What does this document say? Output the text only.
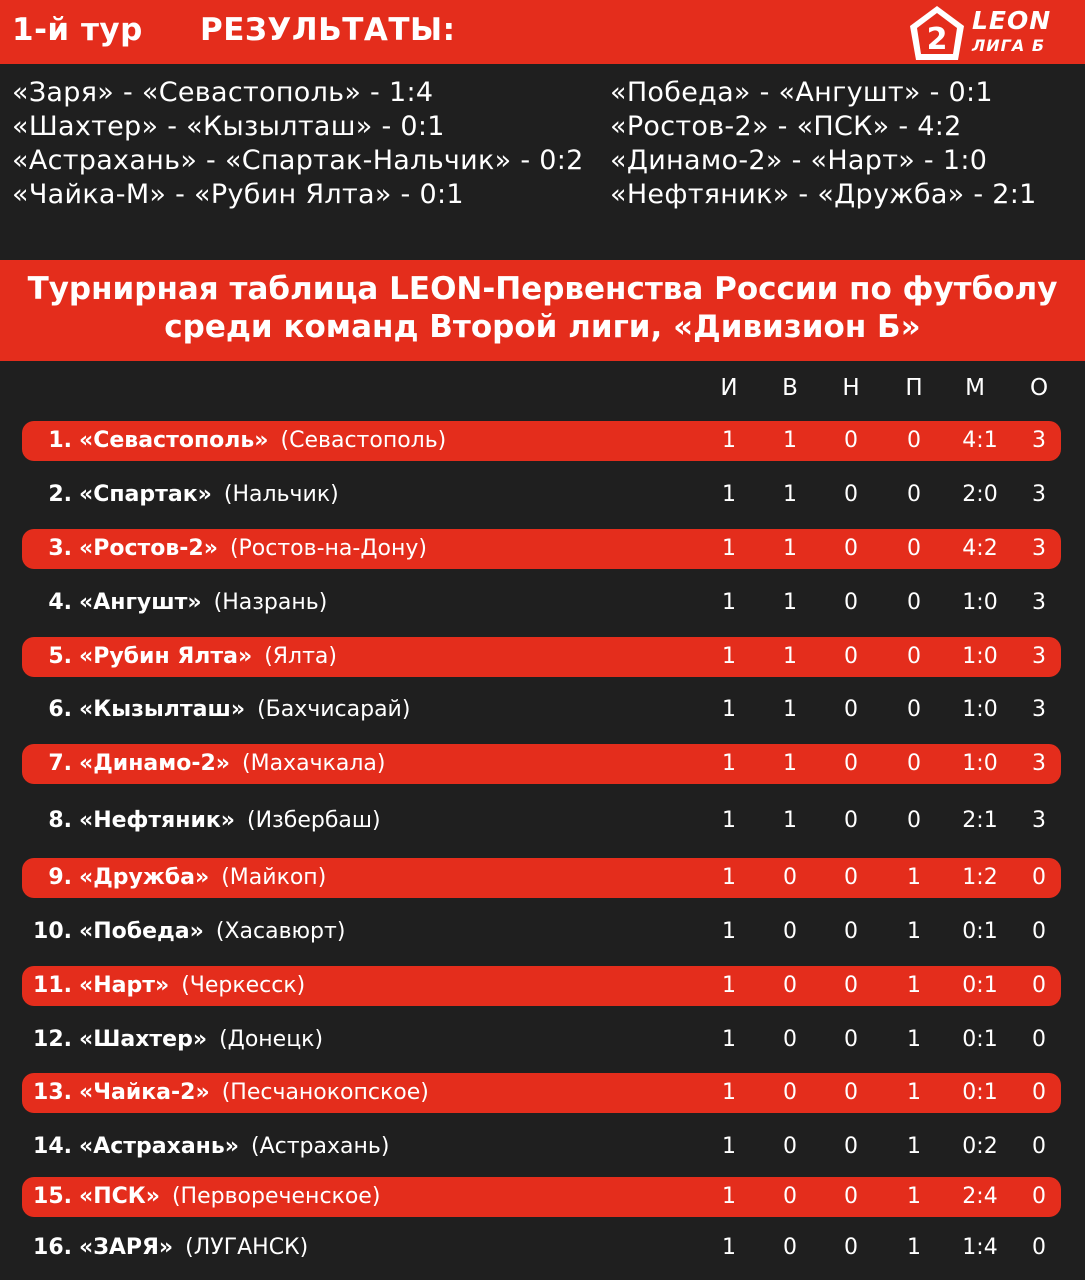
1-й тур РЕЗУЛЬТАТЫ:	2
LEON
ЛИГА Б
«Заря» - «Севастополь» - 1:4
«Шахтер» - «Кызылташ» - 0:1
«Астрахань» - «Спартак-Нальчик» - 0:2
«Чайка-М» - «Рубин Ялта» - 0:1
«Победа» - «Ангушт» - 0:1
«Ростов-2» - «ПСК» - 4:2
«Динамо-2» - «Нарт» - 1:0
«Нефтяник» - «Дружба» - 2:1
Турнирная таблица LEON-Первенства России по футболу
среди команд Второй лиги, «Дивизион Б»
И	В	Н	П	М	О
1. «Севастополь» (Севастополь)	1	1	0	0	4:1	3
2. «Спартак» (Нальчик)	1	1	0	0	2:0	3
3. «Ростов-2» (Ростов-на-Дону)	1	1	0	0	4:2	3
4. «Ангушт» (Назрань)	1	1	0	0	1:0	3
5. «Рубин Ялта» (Ялта)	1	1	0	0	1:0	3
6. «Кызылташ» (Бахчисарай)	1	1	0	0	1:0	3
7. «Динамо-2» (Махачкала)	1	1	0	0	1:0	3
8. «Нефтяник» (Избербаш)	1	1	0	0	2:1	3
9. «Дружба» (Майкоп)	1	0	0	1	1:2	0
10. «Победа» (Хасавюрт)	1	0	0	1	0:1	0
11. «Нарт» (Черкесск)	1	0	0	1	0:1	0
12. «Шахтер» (Донецк)	1	0	0	1	0:1	0
13. «Чайка-2» (Песчанокопское)	1	0	0	1	0:1	0
14. «Астрахань» (Астрахань)	1	0	0	1	0:2	0
15. «ПСК» (Первореченское)	1	0	0	1	2:4	0
16. «ЗАРЯ» (ЛУГАНСК)	1	0	0	1	1:4	0
